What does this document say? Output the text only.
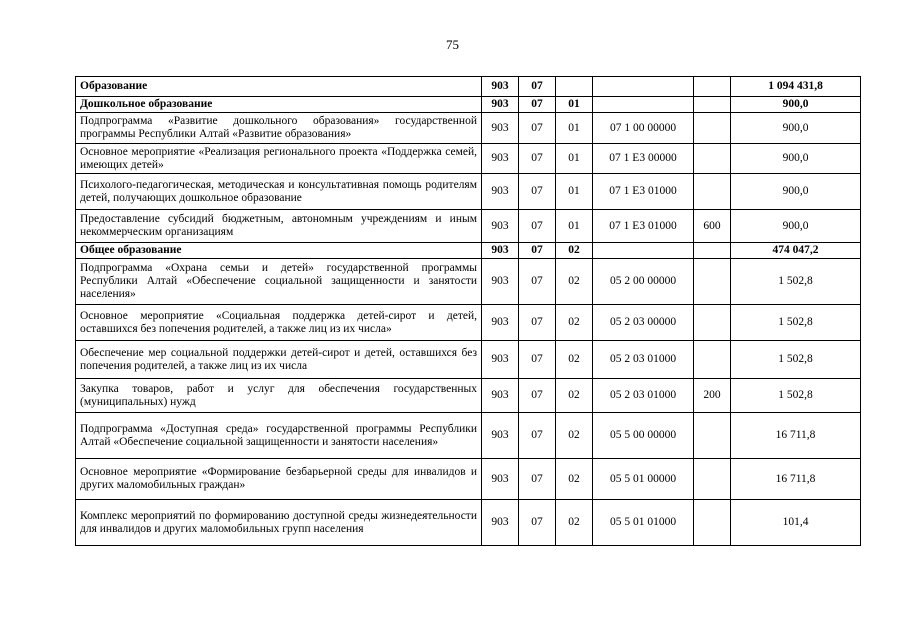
75
Образование	903	07				1 094 431,8
Дошкольное образование	903	07	01			900,0
Подпрограмма «Развитие дошкольного образования» государственной программы Республики Алтай «Развитие образования»	903	07	01	07 1 00 00000		900,0
Основное мероприятие «Реализация регионального проекта «Поддержка семей, имеющих детей»	903	07	01	07 1 E3 00000		900,0
Психолого-педагогическая, методическая и консультативная помощь родителям детей, получающих дошкольное образование	903	07	01	07 1 E3 01000		900,0
Предоставление субсидий бюджетным, автономным учреждениям и иным некоммерческим организациям	903	07	01	07 1 E3 01000	600	900,0
Общее образование	903	07	02			474 047,2
Подпрограмма «Охрана семьи и детей» государственной программы Республики Алтай «Обеспечение социальной защищенности и занятости населения»	903	07	02	05 2 00 00000		1 502,8
Основное мероприятие «Социальная поддержка детей-сирот и детей, оставшихся без попечения родителей, а также лиц из их числа»	903	07	02	05 2 03 00000		1 502,8
Обеспечение мер социальной поддержки детей-сирот и детей, оставшихся без попечения родителей, а также лиц из их числа	903	07	02	05 2 03 01000		1 502,8
Закупка товаров, работ и услуг для обеспечения государственных (муниципальных) нужд	903	07	02	05 2 03 01000	200	1 502,8
Подпрограмма «Доступная среда» государственной программы Республики Алтай «Обеспечение социальной защищенности и занятости населения»	903	07	02	05 5 00 00000		16 711,8
Основное мероприятие «Формирование безбарьерной среды для инвалидов и других маломобильных граждан»	903	07	02	05 5 01 00000		16 711,8
Комплекс мероприятий по формированию доступной среды жизнедеятельности для инвалидов и других маломобильных групп населения	903	07	02	05 5 01 01000		101,4
